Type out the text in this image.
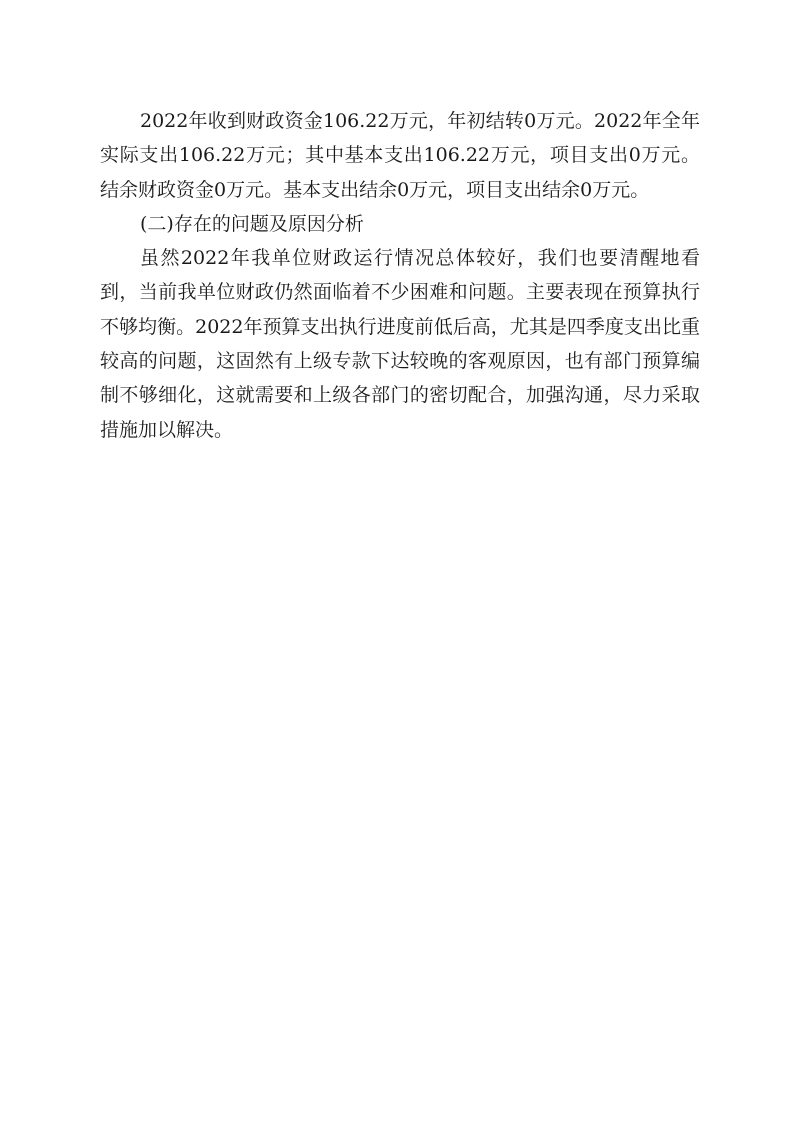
2022年收到财政资金106.22万元，年初结转0万元。2022年全年实际支出106.22万元；其中基本支出106.22万元，项目支出0万元。结余财政资金0万元。基本支出结余0万元，项目支出结余0万元。

(二)存在的问题及原因分析

虽然2022年我单位财政运行情况总体较好，我们也要清醒地看到，当前我单位财政仍然面临着不少困难和问题。主要表现在预算执行不够均衡。2022年预算支出执行进度前低后高，尤其是四季度支出比重较高的问题，这固然有上级专款下达较晚的客观原因，也有部门预算编制不够细化，这就需要和上级各部门的密切配合，加强沟通，尽力采取措施加以解决。
